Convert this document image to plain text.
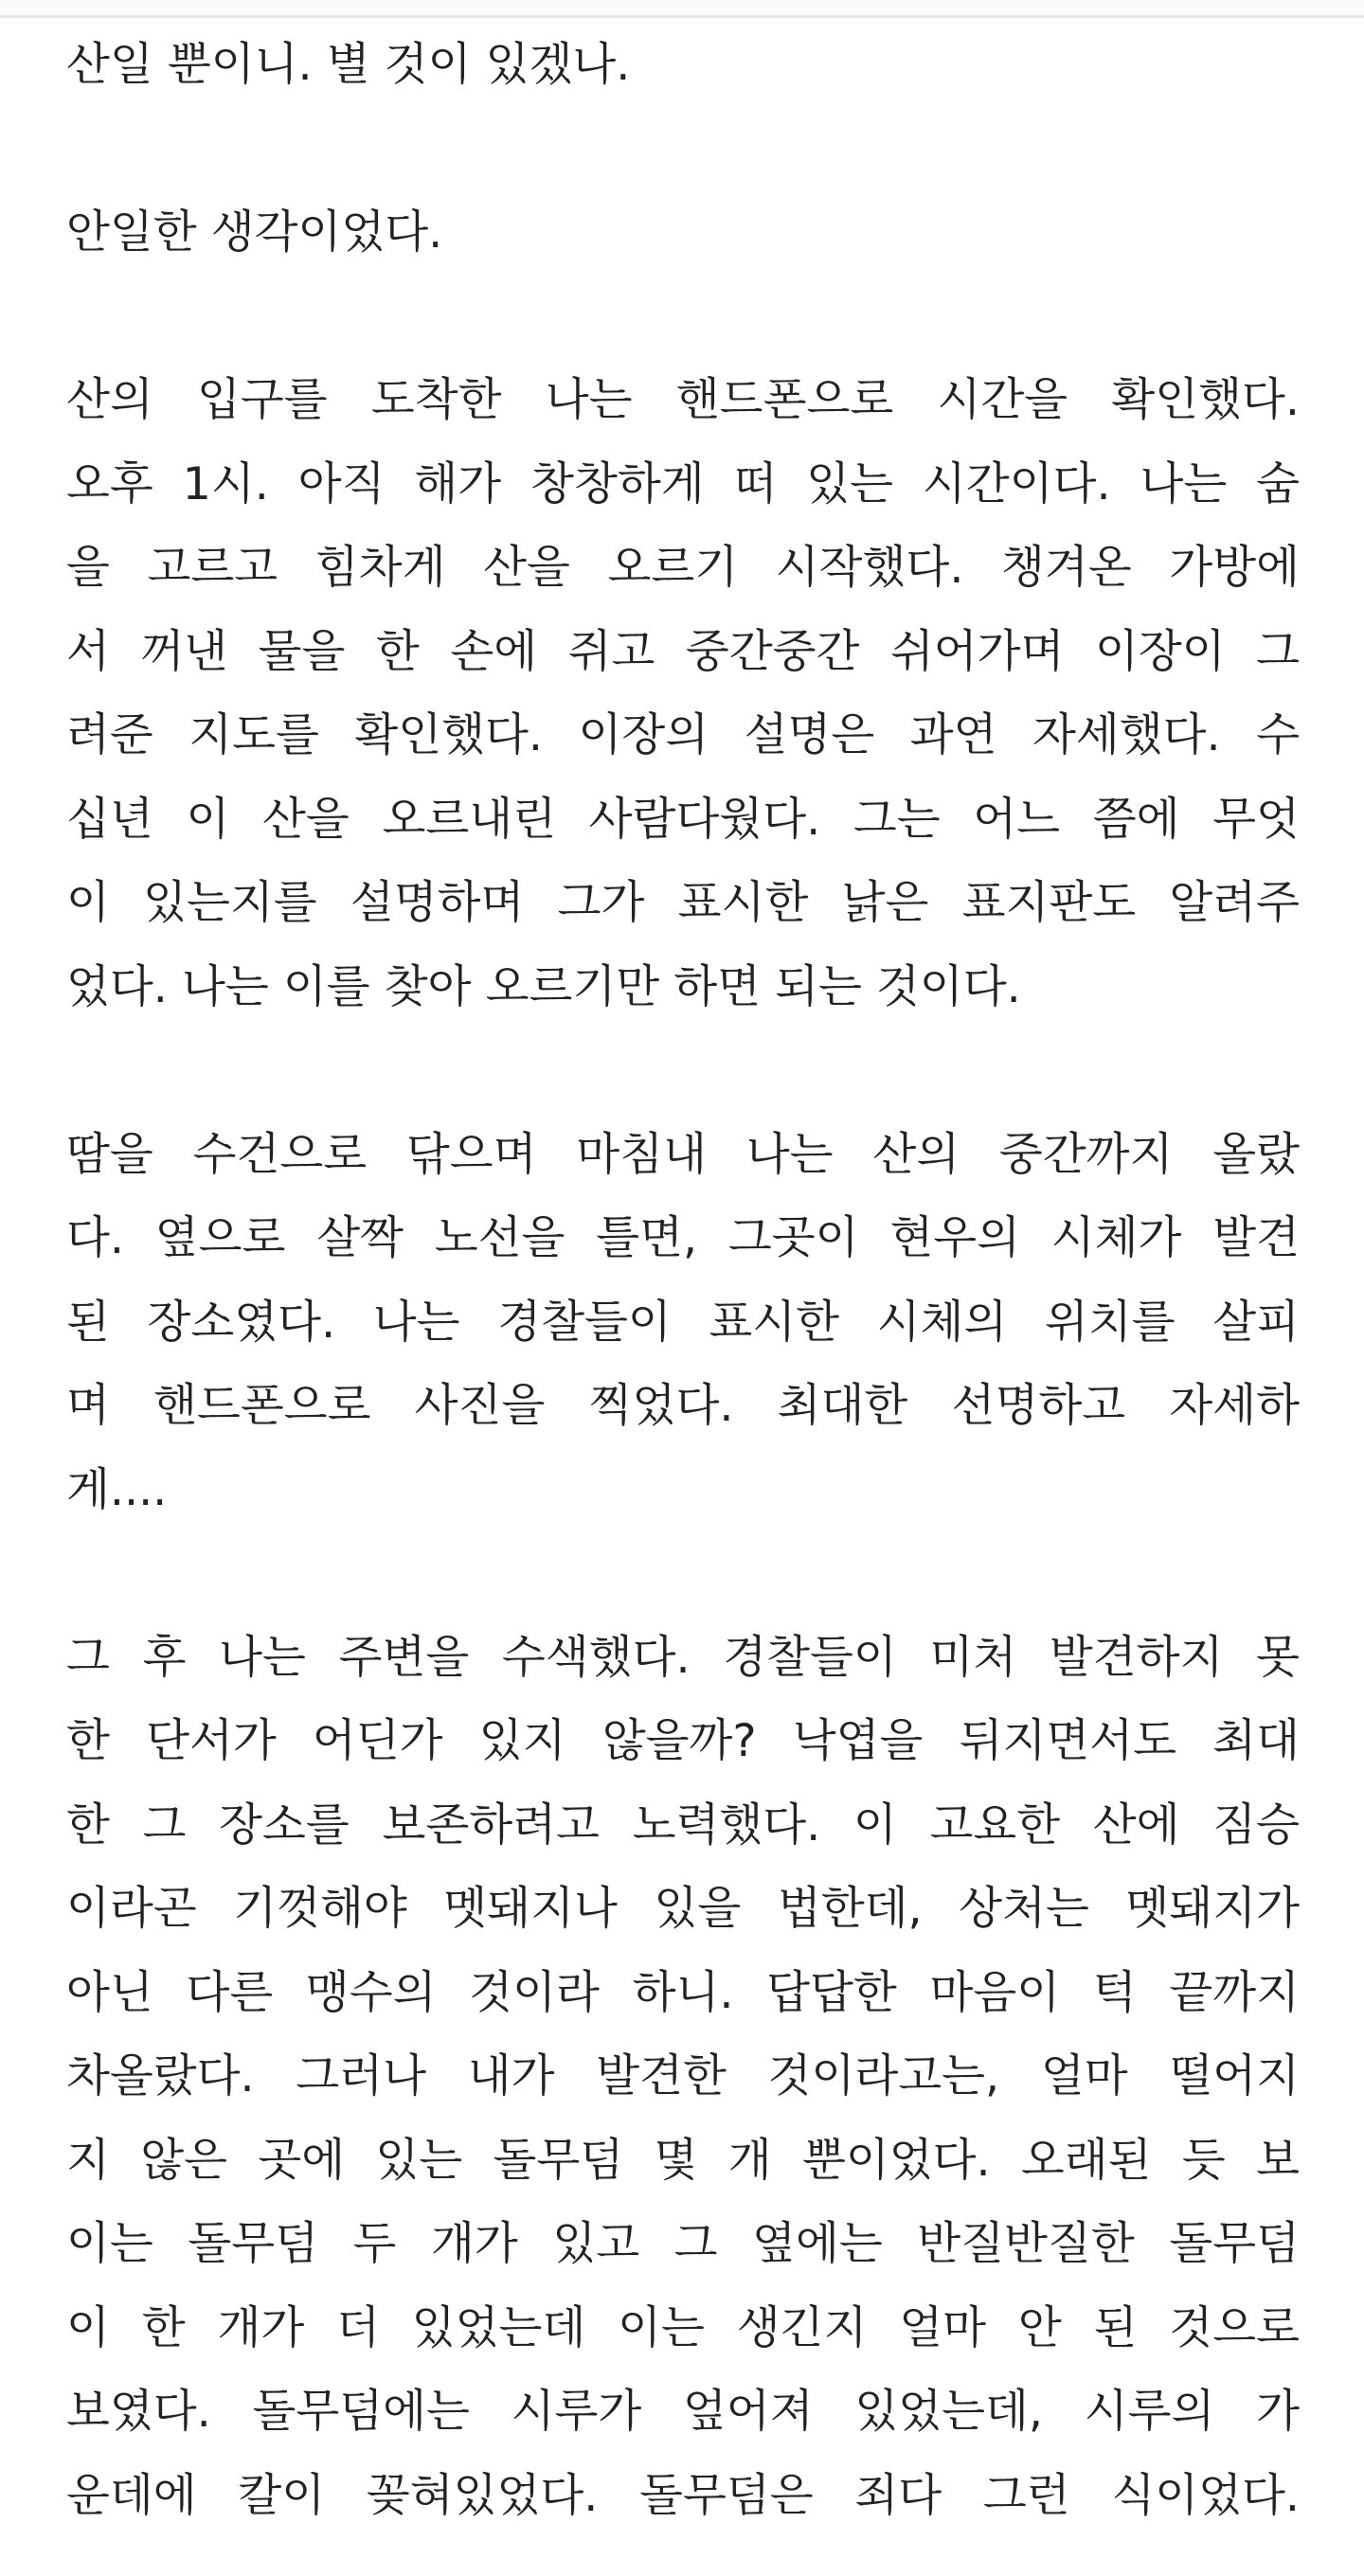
산일 뿐이니. 별 것이 있겠나.

안일한 생각이었다.

산의 입구를 도착한 나는 핸드폰으로 시간을 확인했다.
오후 1시. 아직 해가 창창하게 떠 있는 시간이다. 나는 숨
을 고르고 힘차게 산을 오르기 시작했다. 챙겨온 가방에
서 꺼낸 물을 한 손에 쥐고 중간중간 쉬어가며 이장이 그
려준 지도를 확인했다. 이장의 설명은 과연 자세했다. 수
십년 이 산을 오르내린 사람다웠다. 그는 어느 쯤에 무엇
이 있는지를 설명하며 그가 표시한 낡은 표지판도 알려주
었다. 나는 이를 찾아 오르기만 하면 되는 것이다.

땀을 수건으로 닦으며 마침내 나는 산의 중간까지 올랐
다. 옆으로 살짝 노선을 틀면, 그곳이 현우의 시체가 발견
된 장소였다. 나는 경찰들이 표시한 시체의 위치를 살피
며 핸드폰으로 사진을 찍었다. 최대한 선명하고 자세하
게....

그 후 나는 주변을 수색했다. 경찰들이 미처 발견하지 못
한 단서가 어딘가 있지 않을까? 낙엽을 뒤지면서도 최대
한 그 장소를 보존하려고 노력했다. 이 고요한 산에 짐승
이라곤 기껏해야 멧돼지나 있을 법한데, 상처는 멧돼지가
아닌 다른 맹수의 것이라 하니. 답답한 마음이 턱 끝까지
차올랐다. 그러나 내가 발견한 것이라고는, 얼마 떨어지
지 않은 곳에 있는 돌무덤 몇 개 뿐이었다. 오래된 듯 보
이는 돌무덤 두 개가 있고 그 옆에는 반질반질한 돌무덤
이 한 개가 더 있었는데 이는 생긴지 얼마 안 된 것으로
보였다. 돌무덤에는 시루가 엎어져 있었는데, 시루의 가
운데에 칼이 꽂혀있었다. 돌무덤은 죄다 그런 식이었다.
